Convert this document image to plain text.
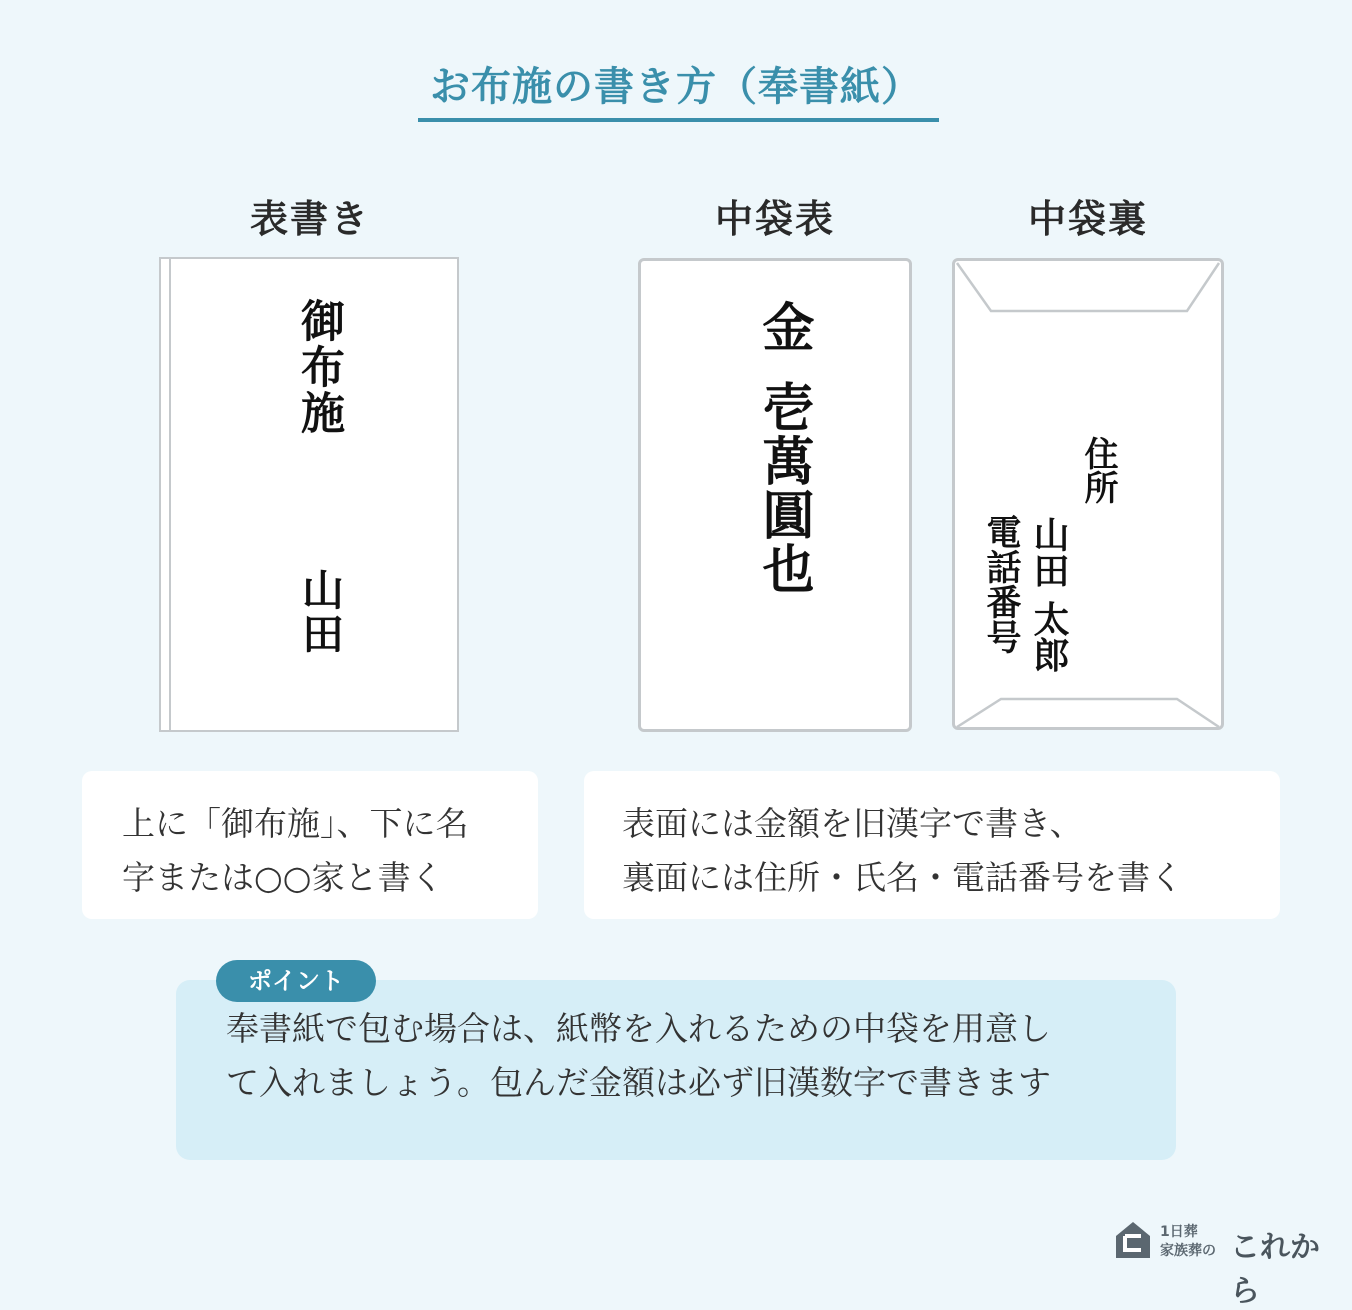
お布施の書き方（奉書紙）
表書き	中袋表	中袋裏
御布施
山田
金
壱萬圓也	住所
山田 太郎
電話番号
上に「御布施」、下に名
字または○○家と書く
表面には金額を旧漢字で書き、
裏面には住所・氏名・電話番号を書く
奉書紙で包む場合は、紙幣を入れるための中袋を用意し
て入れましょう。包んだ金額は必ず旧漢数字で書きます
ポイント
1日葬
家族葬の これから
